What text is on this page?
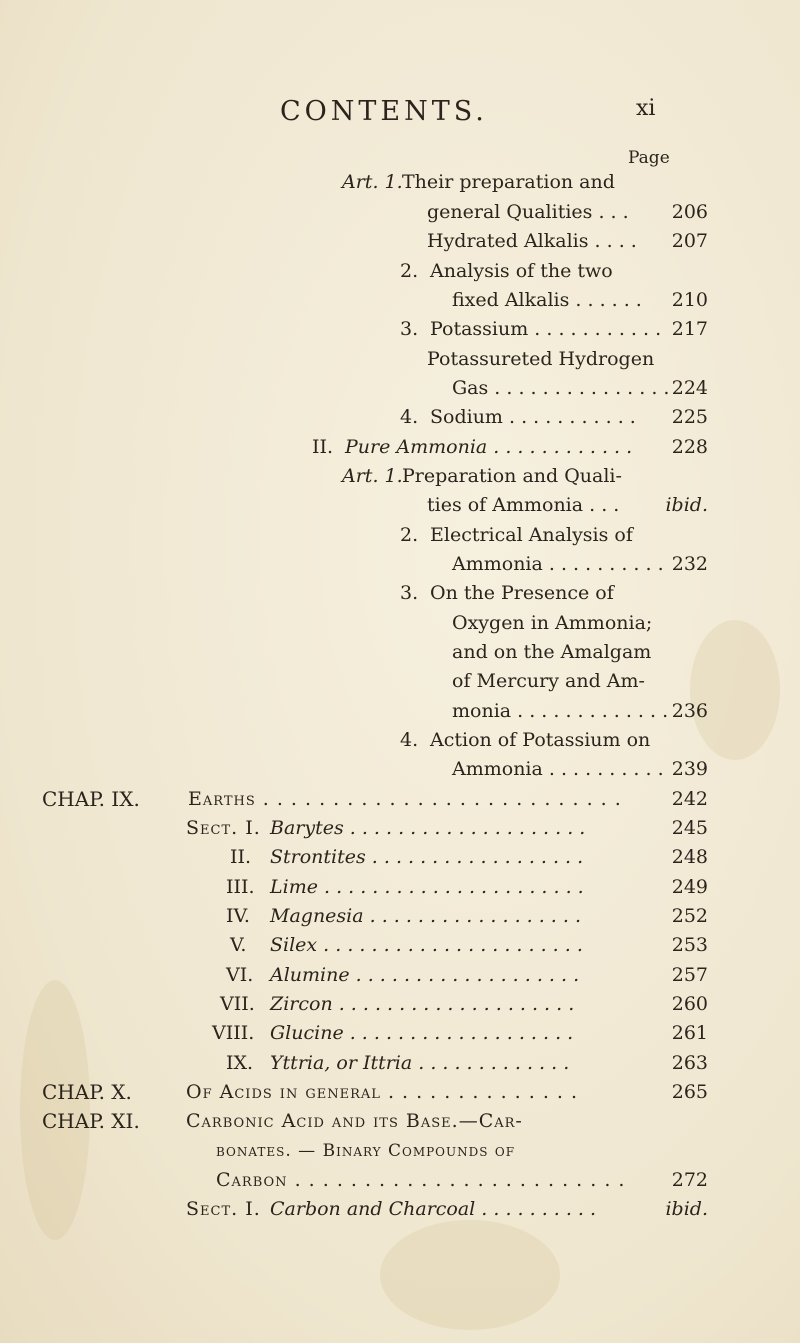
CONTENTS.	xi
Page
Art. 1. Their preparation and
general Qualities . . . 206
Hydrated Alkalis . . . . 207
2. Analysis of the two
fixed Alkalis . . . . . . 210
3. Potassium . . . . . . . . . . . 217
Potassureted Hydrogen
Gas . . . . . . . . . . . . . . . 224
4. Sodium . . . . . . . . . . . 225
II. Pure Ammonia . . . . . . . . . . . . 228
Art. 1. Preparation and Quali-
ties of Ammonia . . . ibid.
2. Electrical Analysis of
Ammonia . . . . . . . . . . 232
3. On the Presence of
Oxygen in Ammonia;
and on the Amalgam
of Mercury and Am-
monia . . . . . . . . . . . . . 236
4. Action of Potassium on
Ammonia . . . . . . . . . . 239
CHAP. IX.	Earths . . . . . . . . . . . . . . . . . . . . . . . . . .	242
Sect. I. Barytes . . . . . . . . . . . . . . . . . . . .	245
II. Strontites . . . . . . . . . . . . . . . . . .	248
III. Lime . . . . . . . . . . . . . . . . . . . . . .	249
IV. Magnesia . . . . . . . . . . . . . . . . . .	252
V. Silex . . . . . . . . . . . . . . . . . . . . . .	253
VI. Alumine . . . . . . . . . . . . . . . . . . .	257
VII. Zircon . . . . . . . . . . . . . . . . . . . .	260
VIII. Glucine . . . . . . . . . . . . . . . . . . .	261
IX. Yttria, or Ittria . . . . . . . . . . . . .	263
CHAP. X.	Of Acids in general . . . . . . . . . . . . . .	265
CHAP. XI. Carbonic Acid and its Base.—Car-
bonates. — Binary Compounds of
Carbon . . . . . . . . . . . . . . . . . . . . . . . . 272
Sect. I. Carbon and Charcoal . . . . . . . . . .	ibid.
